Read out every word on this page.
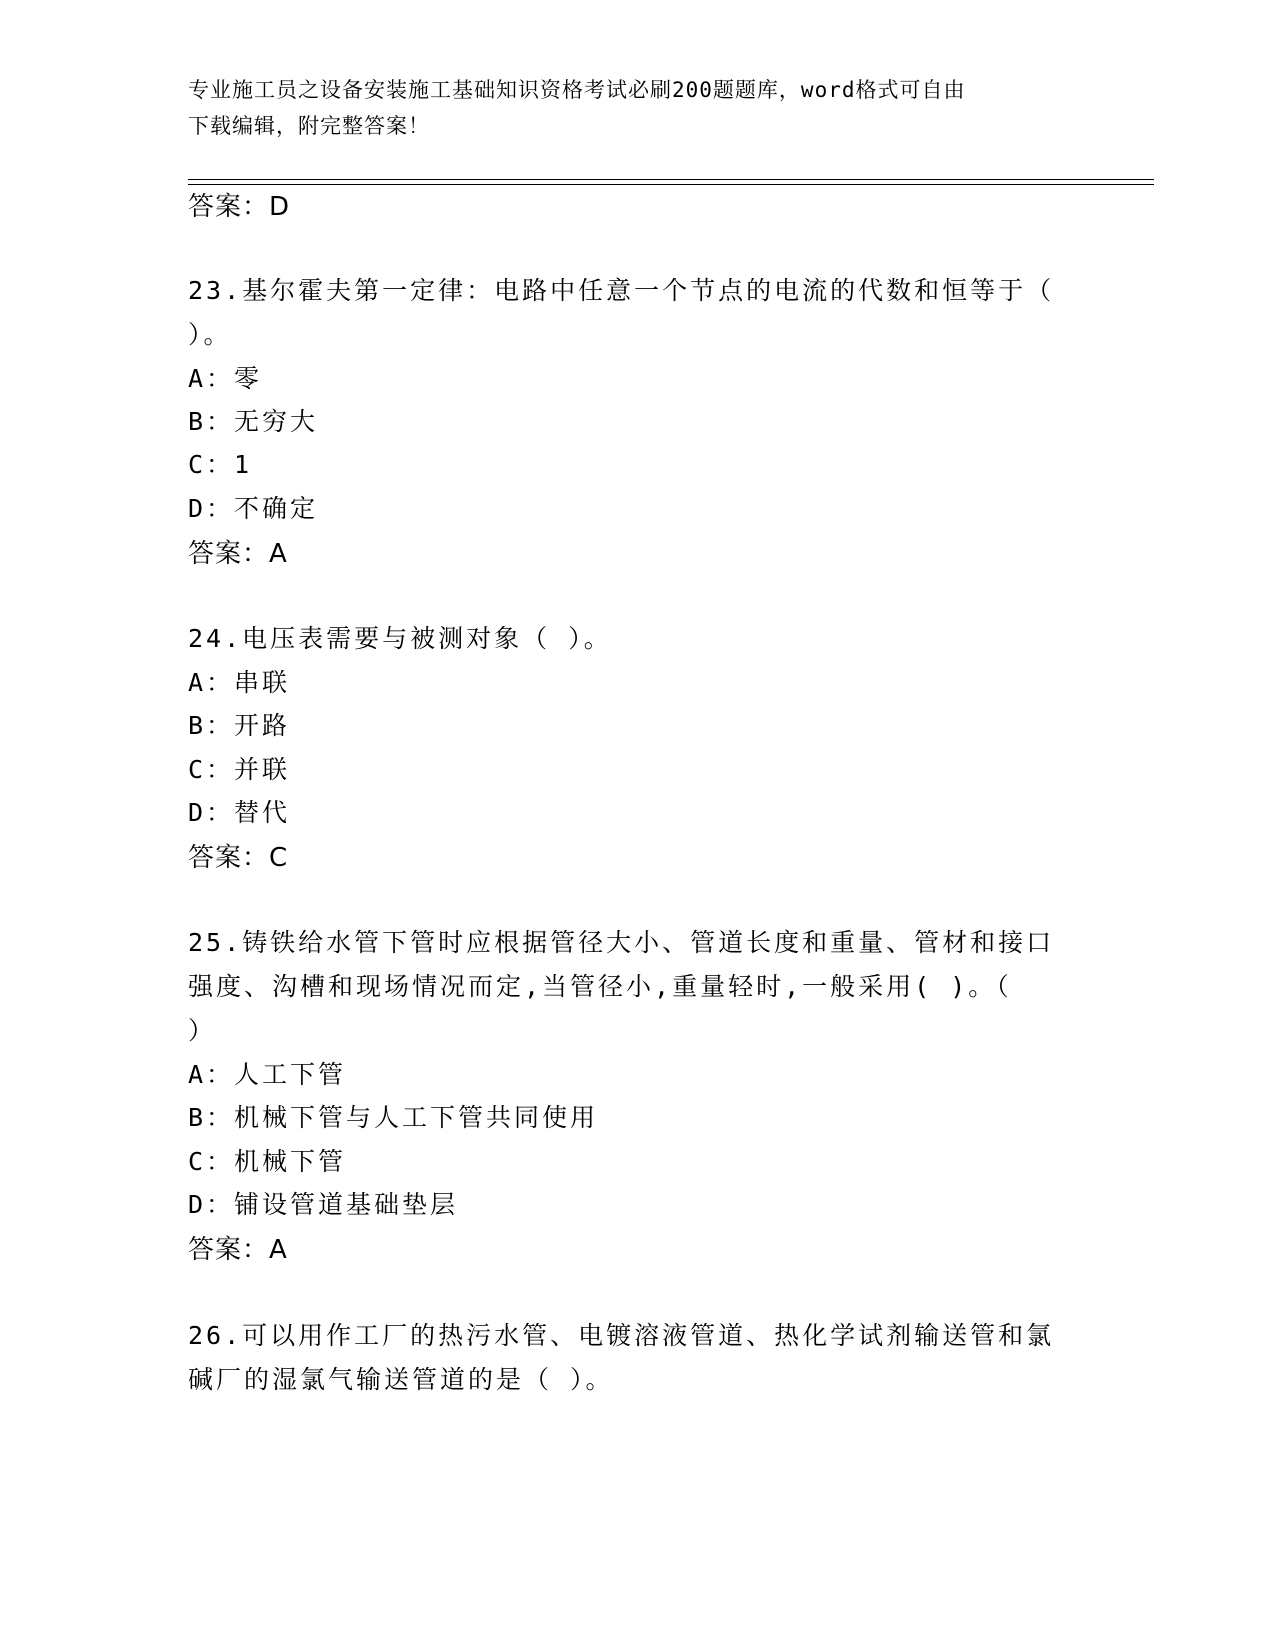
专业施工员之设备安装施工基础知识资格考试必刷200题题库，word格式可自由
下载编辑，附完整答案！
答案：D
23.基尔霍夫第一定律：电路中任意一个节点的电流的代数和恒等于（
）。
A：零
B：无穷大
C：1
D：不确定
答案：A
24.电压表需要与被测对象（ ）。
A：串联
B：开路
C：并联
D：替代
答案：C
25.铸铁给水管下管时应根据管径大小、管道长度和重量、管材和接口
强度、沟槽和现场情况而定,当管径小,重量轻时,一般采用( )。（
）
A：人工下管
B：机械下管与人工下管共同使用
C：机械下管
D：铺设管道基础垫层
答案：A
26.可以用作工厂的热污水管、电镀溶液管道、热化学试剂输送管和氯
碱厂的湿氯气输送管道的是（ ）。
